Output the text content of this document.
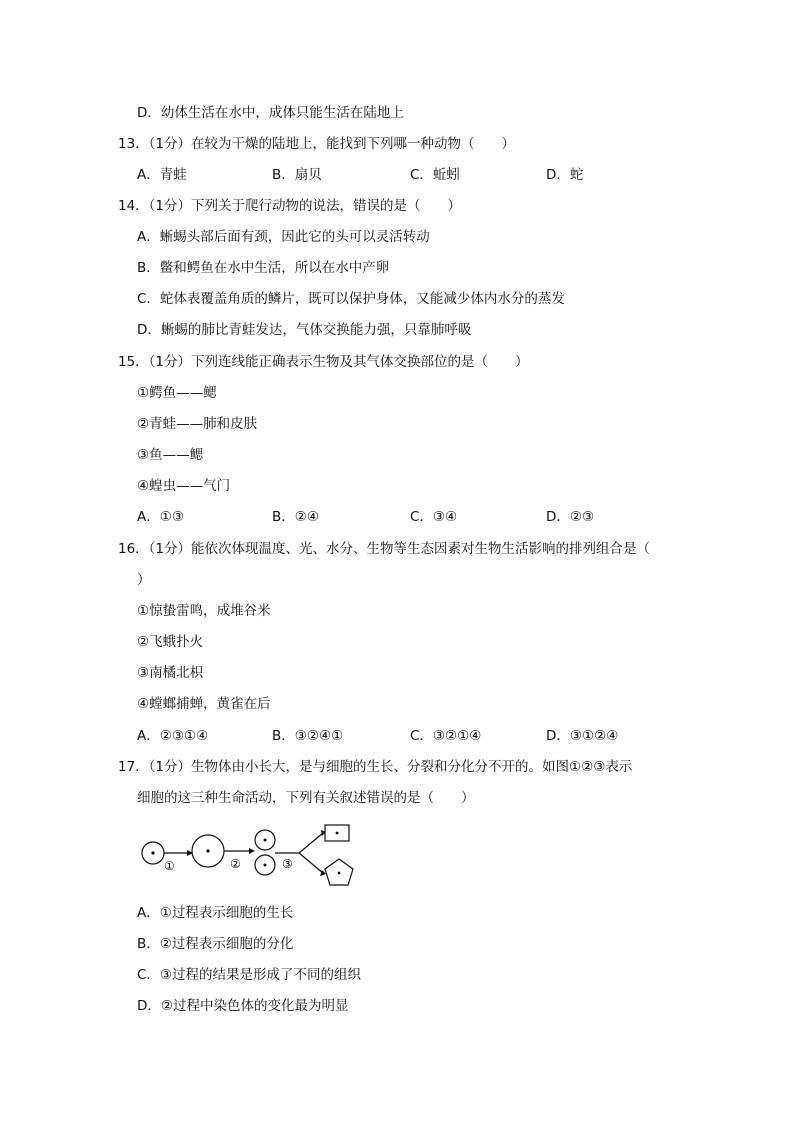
D．幼体生活在水中，成体只能生活在陆地上
13．（1分）在较为干燥的陆地上，能找到下列哪一种动物（　　）
A．青蛙	B．扇贝	C．蚯蚓	D．蛇
14．（1分）下列关于爬行动物的说法，错误的是（　　）
A．蜥蜴头部后面有颈，因此它的头可以灵活转动
B．鳖和鳄鱼在水中生活，所以在水中产卵
C．蛇体表覆盖角质的鳞片，既可以保护身体，又能减少体内水分的蒸发
D．蜥蜴的肺比青蛙发达，气体交换能力强，只靠肺呼吸
15．（1分）下列连线能正确表示生物及其气体交换部位的是（　　）
①鳄鱼——鳃
②青蛙——肺和皮肤
③鱼——鳃
④蝗虫——气门
A．①③	B．②④	C．③④	D．②③
16．（1分）能依次体现温度、光、水分、生物等生态因素对生物生活影响的排列组合是（
）
①惊蛰雷鸣，成堆谷米
②飞蛾扑火
③南橘北枳
④螳螂捕蝉，黄雀在后
A．②③①④	B．③②④①	C．③②①④	D．③①②④
17．（1分）生物体由小长大，是与细胞的生长、分裂和分化分不开的。如图①②③表示
细胞的这三种生命活动，下列有关叙述错误的是（　　）
①	②	③
A．①过程表示细胞的生长
B．②过程表示细胞的分化
C．③过程的结果是形成了不同的组织
D．②过程中染色体的变化最为明显
